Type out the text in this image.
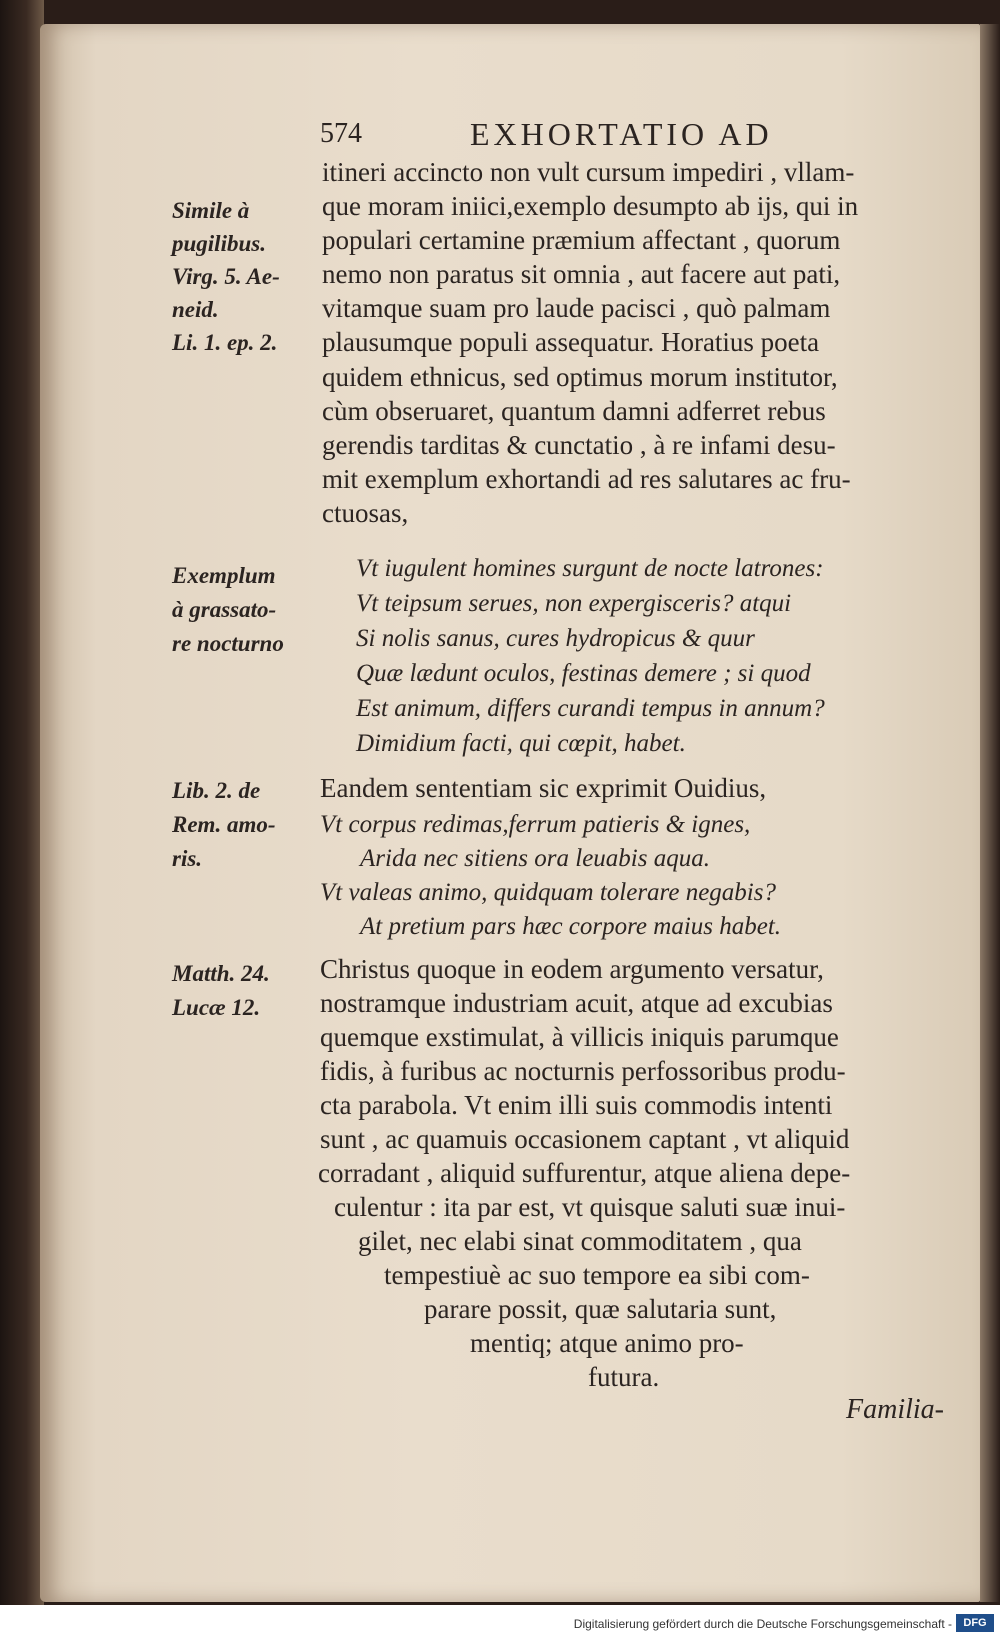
574	EXHORTATIO AD
itineri accincto non vult cursum impediri , vllam-
que moram iniici,exemplo desumpto ab ijs, qui in
populari certamine præmium affectant , quorum
nemo non paratus sit omnia , aut facere aut pati,
vitamque suam pro laude pacisci , quò palmam
plausumque populi assequatur. Horatius poeta
quidem ethnicus, sed optimus morum institutor,
cùm obseruaret, quantum damni adferret rebus
gerendis tarditas & cunctatio , à re infami desu-
mit exemplum exhortandi ad res salutares ac fru-
ctuosas,
Simile à
pugilibus.
Virg. 5. Ae-
neid.
Li. 1. ep. 2.
Vt iugulent homines surgunt de nocte latrones:
Vt teipsum serues, non expergisceris? atqui
Si nolis sanus, cures hydropicus & quur
Quæ lædunt oculos, festinas demere ; si quod
Est animum, differs curandi tempus in annum?
Dimidium facti, qui cœpit, habet.
Exemplum
à grassato-
re nocturno
Eandem sententiam sic exprimit Ouidius,
Vt corpus redimas,ferrum patieris & ignes,
Arida nec sitiens ora leuabis aqua.
Vt valeas animo, quidquam tolerare negabis?
At pretium pars hæc corpore maius habet.
Lib. 2. de
Rem. amo-
ris.
Christus quoque in eodem argumento versatur,
nostramque industriam acuit, atque ad excubias
quemque exstimulat, à villicis iniquis parumque
fidis, à furibus ac nocturnis perfossoribus produ-
cta parabola. Vt enim illi suis commodis intenti
sunt , ac quamuis occasionem captant , vt aliquid
corradant , aliquid suffurentur, atque aliena depe-
culentur : ita par est, vt quisque saluti suæ inui-
gilet, nec elabi sinat commoditatem , qua
tempestiuè ac suo tempore ea sibi com-
parare possit, quæ salutaria sunt,
mentiq; atque animo pro-
futura.
Matth. 24.
Lucæ 12.
Familia-
Digitalisierung gefördert durch die Deutsche Forschungsgemeinschaft -	DFG
